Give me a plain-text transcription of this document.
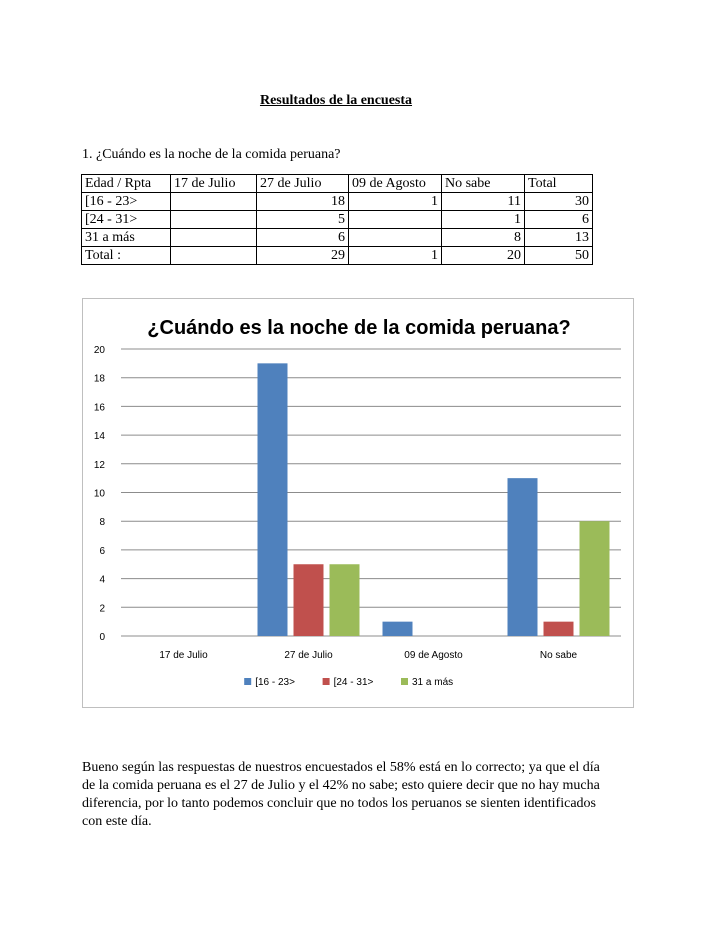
Resultados de la encuesta
1. ¿Cuándo es la noche de la comida peruana?
Edad / Rpta	17 de Julio	27 de Julio	09 de Agosto	No sabe	Total
[16 - 23>		18	1	11	30
[24 - 31>		5		1	6
31 a más		6		8	13
Total :		29	1	20	50
¿Cuándo es la noche de la comida peruana?
0
2
4
6
8
10
12
14
16
18
20
17 de Julio	27 de Julio	09 de Agosto	No sabe
[16 - 23>	[24 - 31>	31 a más

Bueno según las respuestas de nuestros encuestados el 58% está en lo correcto; ya que el día de la comida peruana es el 27 de Julio y el 42% no sabe; esto quiere decir que no hay mucha diferencia, por lo tanto podemos concluir que no todos los peruanos se sienten identificados con este día.
